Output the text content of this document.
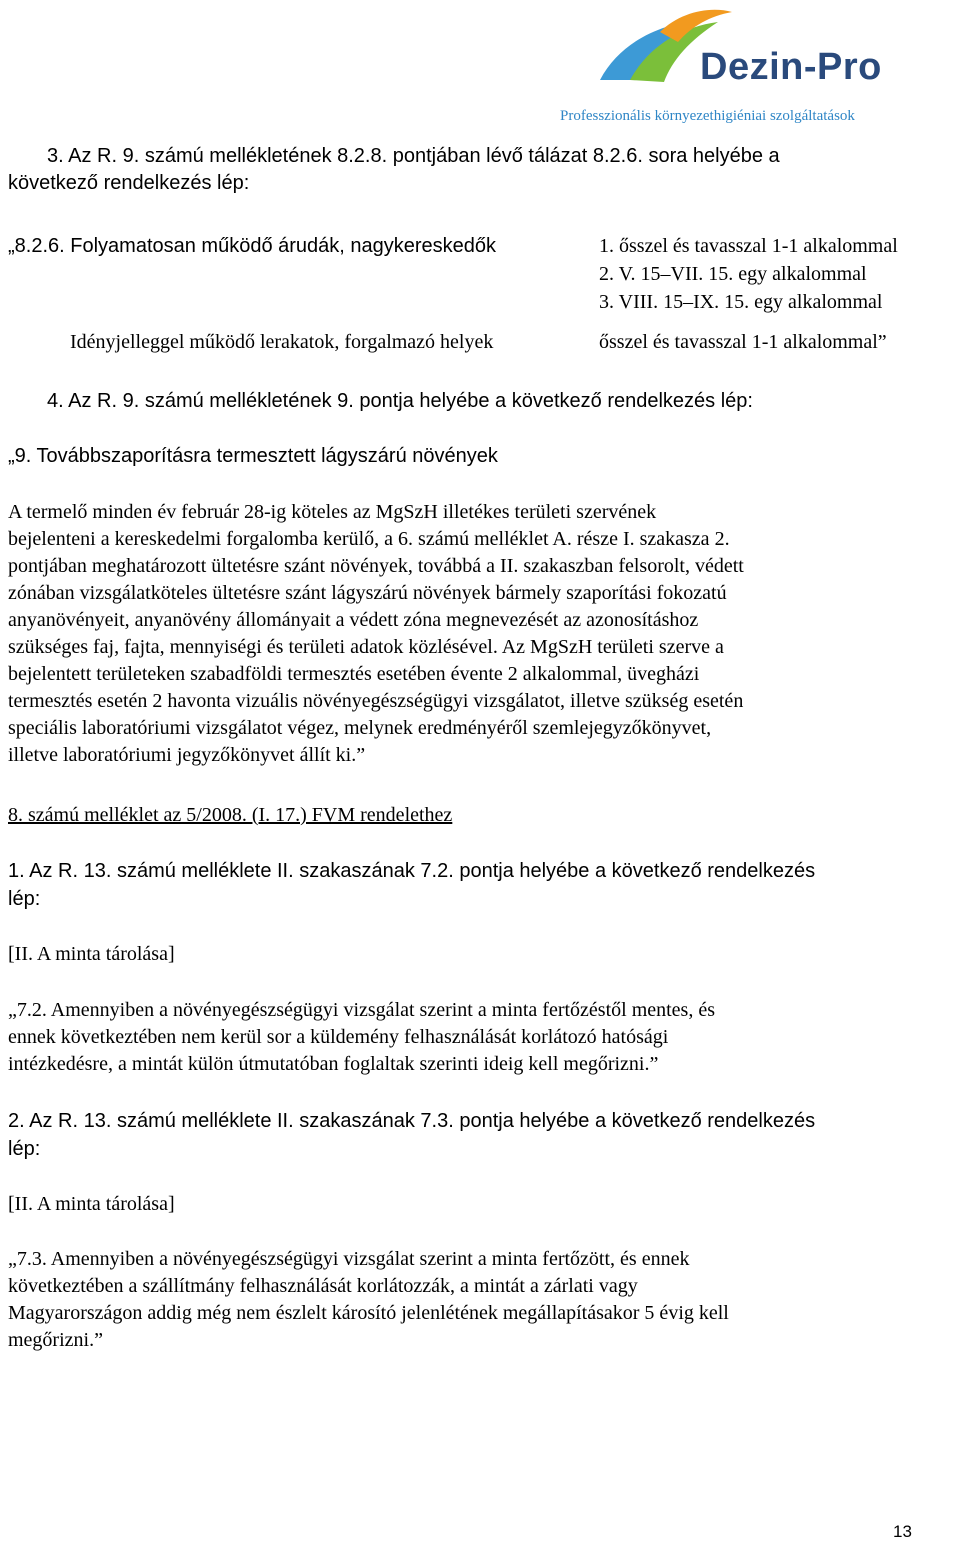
Dezin-Pro
Professzionális környezethigiéniai szolgáltatások
3. Az R. 9. számú mellékletének 8.2.8. pontjában lévő tálázat 8.2.6. sora helyébe a
következő rendelkezés lép:
„8.2.6. Folyamatosan működő árudák, nagykereskedők	1. ősszel és tavasszal 1-1 alkalommal
2. V. 15–VII. 15. egy alkalommal
3. VIII. 15–IX. 15. egy alkalommal
Idényjelleggel működő lerakatok, forgalmazó helyek	ősszel és tavasszal 1-1 alkalommal”
4. Az R. 9. számú mellékletének 9. pontja helyébe a következő rendelkezés lép:
„9. Továbbszaporításra termesztett lágyszárú növények
A termelő minden év február 28-ig köteles az MgSzH illetékes területi szervének
bejelenteni a kereskedelmi forgalomba kerülő, a 6. számú melléklet A. része I. szakasza 2.
pontjában meghatározott ültetésre szánt növények, továbbá a II. szakaszban felsorolt, védett
zónában vizsgálatköteles ültetésre szánt lágyszárú növények bármely szaporítási fokozatú
anyanövényeit, anyanövény állományait a védett zóna megnevezését az azonosításhoz
szükséges faj, fajta, mennyiségi és területi adatok közlésével. Az MgSzH területi szerve a
bejelentett területeken szabadföldi termesztés esetében évente 2 alkalommal, üvegházi
termesztés esetén 2 havonta vizuális növényegészségügyi vizsgálatot, illetve szükség esetén
speciális laboratóriumi vizsgálatot végez, melynek eredményéről szemlejegyzőkönyvet,
illetve laboratóriumi jegyzőkönyvet állít ki.”
8. számú melléklet az 5/2008. (I. 17.) FVM rendelethez
1. Az R. 13. számú melléklete II. szakaszának 7.2. pontja helyébe a következő rendelkezés
lép:
[II. A minta tárolása]
„7.2. Amennyiben a növényegészségügyi vizsgálat szerint a minta fertőzéstől mentes, és
ennek következtében nem kerül sor a küldemény felhasználását korlátozó hatósági
intézkedésre, a mintát külön útmutatóban foglaltak szerinti ideig kell megőrizni.”
2. Az R. 13. számú melléklete II. szakaszának 7.3. pontja helyébe a következő rendelkezés
lép:
[II. A minta tárolása]
„7.3. Amennyiben a növényegészségügyi vizsgálat szerint a minta fertőzött, és ennek
következtében a szállítmány felhasználását korlátozzák, a mintát a zárlati vagy
Magyarországon addig még nem észlelt károsító jelenlétének megállapításakor 5 évig kell
megőrizni.”
13
